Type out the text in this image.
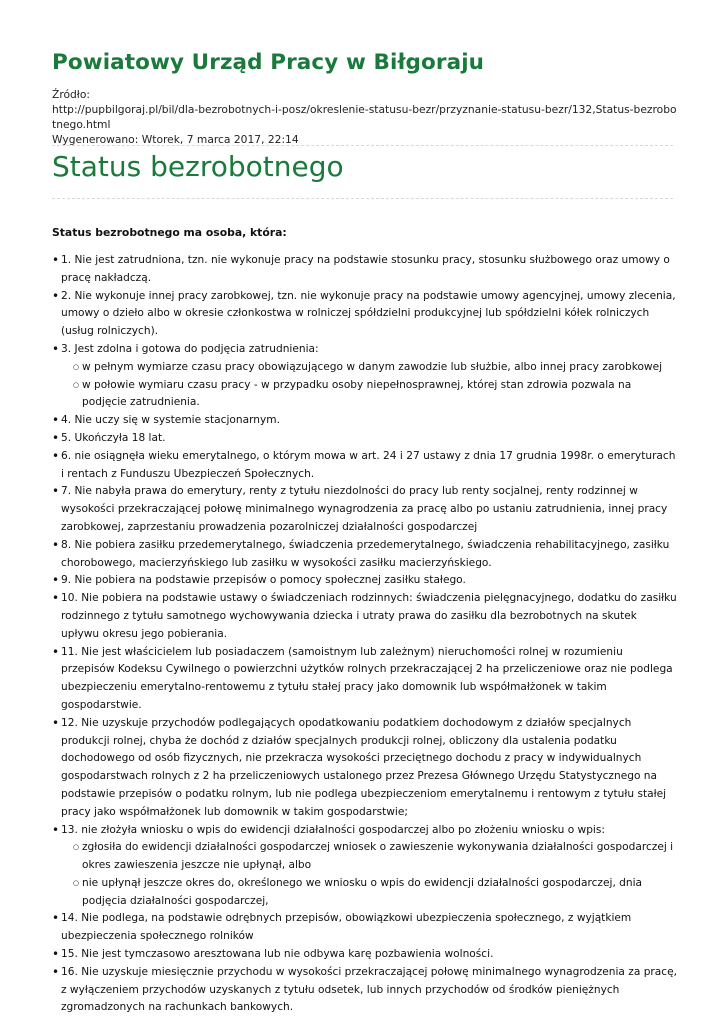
Powiatowy Urząd Pracy w Biłgoraju
Źródło:
http://pupbilgoraj.pl/bil/dla-bezrobotnych-i-posz/okreslenie-statusu-bezr/przyznanie-statusu-bezr/132,Status-bezrobotnego.html
Wygenerowano: Wtorek, 7 marca 2017, 22:14
Status bezrobotnego

Status bezrobotnego ma osoba, która:

• 1. Nie jest zatrudniona, tzn. nie wykonuje pracy na podstawie stosunku pracy, stosunku służbowego oraz umowy o pracę nakładczą.
• 2. Nie wykonuje innej pracy zarobkowej, tzn. nie wykonuje pracy na podstawie umowy agencyjnej, umowy zlecenia, umowy o dzieło albo w okresie członkostwa w rolniczej spółdzielni produkcyjnej lub spółdzielni kółek rolniczych (usług rolniczych).
• 3. Jest zdolna i gotowa do podjęcia zatrudnienia:
○ w pełnym wymiarze czasu pracy obowiązującego w danym zawodzie lub służbie, albo innej pracy zarobkowej
○ w połowie wymiaru czasu pracy - w przypadku osoby niepełnosprawnej, której stan zdrowia pozwala na podjęcie zatrudnienia.
• 4. Nie uczy się w systemie stacjonarnym.
• 5. Ukończyła 18 lat.
• 6. nie osiągnęła wieku emerytalnego, o którym mowa w art. 24 i 27 ustawy z dnia 17 grudnia 1998r. o emeryturach i rentach z Funduszu Ubezpieczeń Społecznych.
• 7. Nie nabyła prawa do emerytury, renty z tytułu niezdolności do pracy lub renty socjalnej, renty rodzinnej w wysokości przekraczającej połowę minimalnego wynagrodzenia za pracę albo po ustaniu zatrudnienia, innej pracy zarobkowej, zaprzestaniu prowadzenia pozarolniczej działalności gospodarczej
• 8. Nie pobiera zasiłku przedemerytalnego, świadczenia przedemerytalnego, świadczenia rehabilitacyjnego, zasiłku chorobowego, macierzyńskiego lub zasiłku w wysokości zasiłku macierzyńskiego.
• 9. Nie pobiera na podstawie przepisów o pomocy społecznej zasiłku stałego.
• 10. Nie pobiera na podstawie ustawy o świadczeniach rodzinnych: świadczenia pielęgnacyjnego, dodatku do zasiłku rodzinnego z tytułu samotnego wychowywania dziecka i utraty prawa do zasiłku dla bezrobotnych na skutek upływu okresu jego pobierania.
• 11. Nie jest właścicielem lub posiadaczem (samoistnym lub zależnym) nieruchomości rolnej w rozumieniu przepisów Kodeksu Cywilnego o powierzchni użytków rolnych przekraczającej 2 ha przeliczeniowe oraz nie podlega ubezpieczeniu emerytalno-rentowemu z tytułu stałej pracy jako domownik lub współmałżonek w takim gospodarstwie.
• 12. Nie uzyskuje przychodów podlegających opodatkowaniu podatkiem dochodowym z działów specjalnych produkcji rolnej, chyba że dochód z działów specjalnych produkcji rolnej, obliczony dla ustalenia podatku dochodowego od osób fizycznych, nie przekracza wysokości przeciętnego dochodu z pracy w indywidualnych gospodarstwach rolnych z 2 ha przeliczeniowych ustalonego przez Prezesa Głównego Urzędu Statystycznego na podstawie przepisów o podatku rolnym, lub nie podlega ubezpieczeniom emerytalnemu i rentowym z tytułu stałej pracy jako współmałżonek lub domownik w takim gospodarstwie;
• 13. nie złożyła wniosku o wpis do ewidencji działalności gospodarczej albo po złożeniu wniosku o wpis:
○ zgłosiła do ewidencji działalności gospodarczej wniosek o zawieszenie wykonywania działalności gospodarczej i okres zawieszenia jeszcze nie upłynął, albo
○ nie upłynął jeszcze okres do, określonego we wniosku o wpis do ewidencji działalności gospodarczej, dnia podjęcia działalności gospodarczej,
• 14. Nie podlega, na podstawie odrębnych przepisów, obowiązkowi ubezpieczenia społecznego, z wyjątkiem ubezpieczenia społecznego rolników
• 15. Nie jest tymczasowo aresztowana lub nie odbywa karę pozbawienia wolności.
• 16. Nie uzyskuje miesięcznie przychodu w wysokości przekraczającej połowę minimalnego wynagrodzenia za pracę, z wyłączeniem przychodów uzyskanych z tytułu odsetek, lub innych przychodów od środków pieniężnych zgromadzonych na rachunkach bankowych.
